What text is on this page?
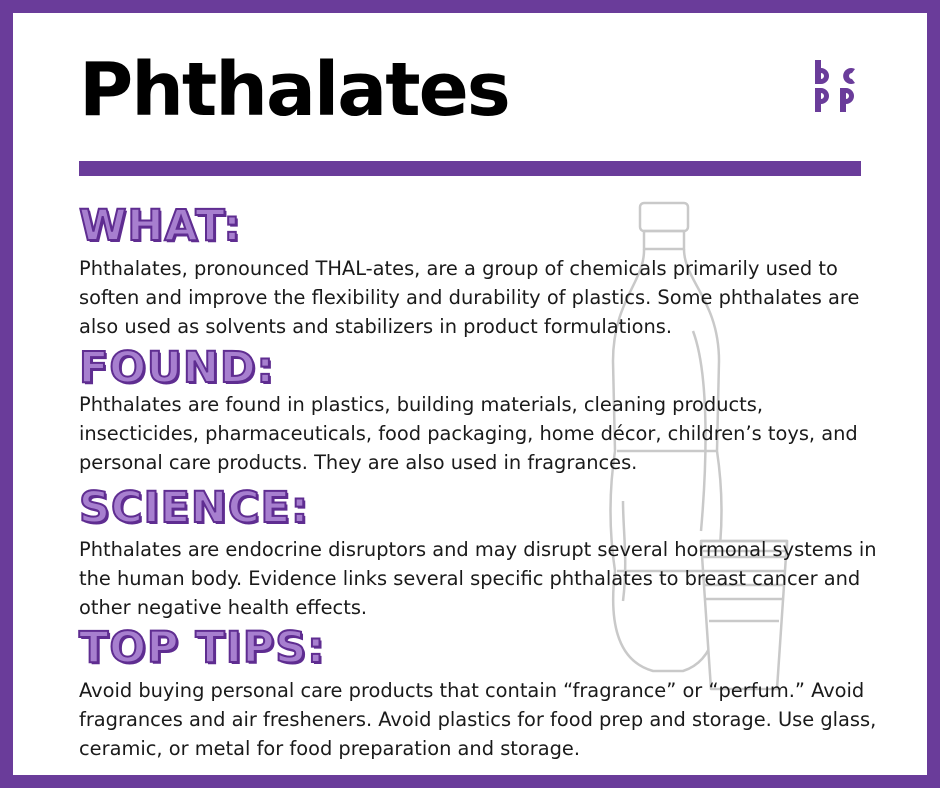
Phthalates
WHAT:

Phthalates, pronounced THAL-ates, are a group of chemicals primarily used to soften and improve the flexibility and durability of plastics. Some phthalates are also used as solvents and stabilizers in product formulations.

FOUND:

Phthalates are found in plastics, building materials, cleaning products, insecticides, pharmaceuticals, food packaging, home décor, children’s toys, and personal care products. They are also used in fragrances.

SCIENCE:

Phthalates are endocrine disruptors and may disrupt several hormonal systems in the human body. Evidence links several specific phthalates to breast cancer and other negative health effects.

TOP TIPS:

Avoid buying personal care products that contain “fragrance” or “perfum.” Avoid fragrances and air fresheners. Avoid plastics for food prep and storage. Use glass, ceramic, or metal for food preparation and storage.
